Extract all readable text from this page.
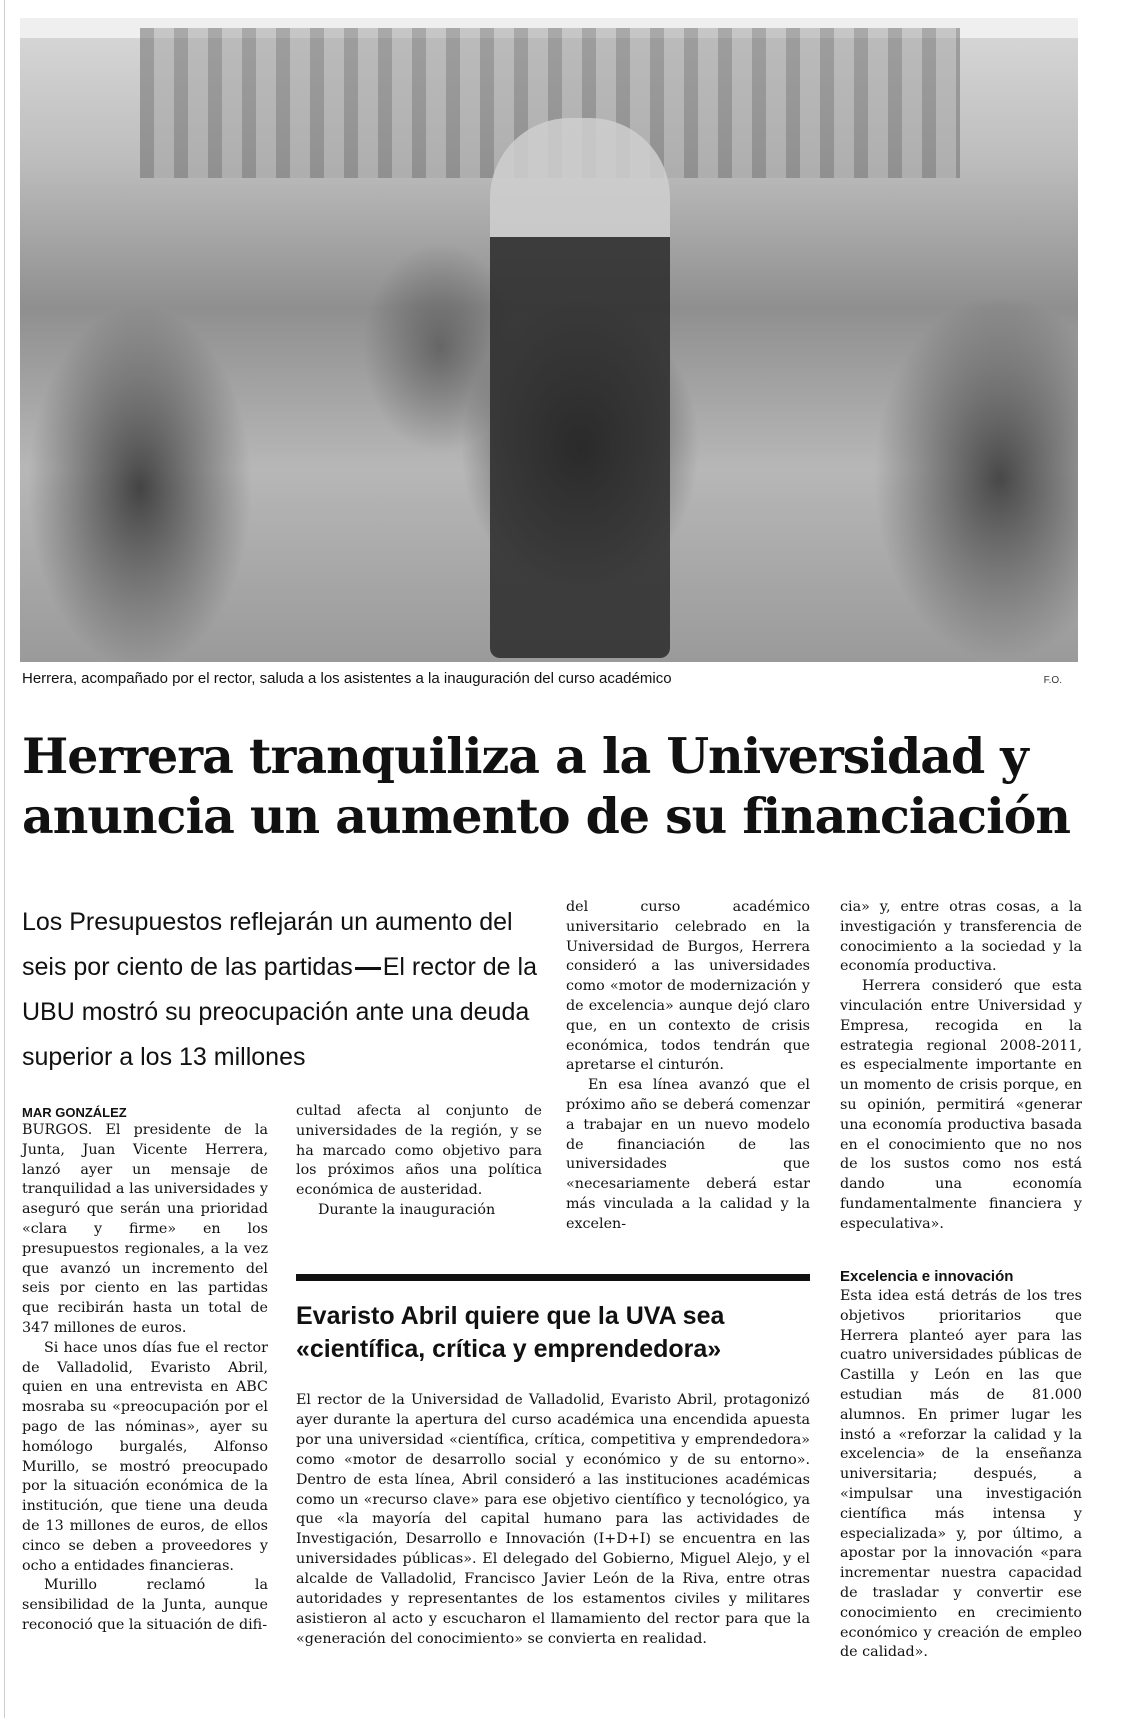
Herrera, acompañado por el rector, saluda a los asistentes a la inauguración del curso académico	F.O.
Herrera tranquiliza a la Universidad y
anuncia un aumento de su financiación

Los Presupuestos reflejarán un aumento del seis por ciento de las partidas El rector de la UBU mostró su preocupación ante una deuda superior a los 13 millones

MAR GONZÁLEZ

BURGOS. El presidente de la Junta, Juan Vicente Herrera, lanzó ayer un mensaje de tranquilidad a las universidades y aseguró que serán una prioridad «clara y firme» en los presupuestos regionales, a la vez que avanzó un incremento del seis por ciento en las partidas que recibirán hasta un total de 347 millones de euros.

Si hace unos días fue el rector de Valladolid, Evaristo Abril, quien en una entrevista en ABC mosraba su «preocupación por el pago de las nóminas», ayer su homólogo burgalés, Alfonso Murillo, se mostró preocupado por la situación económica de la institución, que tiene una deuda de 13 millones de euros, de ellos cinco se deben a proveedores y ocho a entidades financieras.

Murillo reclamó la sensibilidad de la Junta, aunque reconoció que la situación de difi-

cultad afecta al conjunto de universidades de la región, y se ha marcado como objetivo para los próximos años una política económica de austeridad.

Durante la inauguración

del curso académico universitario celebrado en la Universidad de Burgos, Herrera consideró a las universidades como «motor de modernización y de excelencia» aunque dejó claro que, en un contexto de crisis económica, todos tendrán que apretarse el cinturón.

En esa línea avanzó que el próximo año se deberá comenzar a trabajar en un nuevo modelo de financiación de las universidades que «necesariamente deberá estar más vinculada a la calidad y la excelen-

cia» y, entre otras cosas, a la investigación y transferencia de conocimiento a la sociedad y la economía productiva.

Herrera consideró que esta vinculación entre Universidad y Empresa, recogida en la estrategia regional 2008-2011, es especialmente importante en un momento de crisis porque, en su opinión, permitirá «generar una economía productiva basada en el conocimiento que no nos de los sustos como nos está dando una economía fundamentalmente financiera y especulativa».

Evaristo Abril quiere que la UVA sea
«científica, crítica y emprendedora»

El rector de la Universidad de Valladolid, Evaristo Abril, protagonizó ayer durante la apertura del curso académica una encendida apuesta por una universidad «científica, crítica, competitiva y emprendedora» como «motor de desarrollo social y económico y de su entorno». Dentro de esta línea, Abril consideró a las instituciones académicas como un «recurso clave» para ese objetivo científico y tecnológico, ya que «la mayoría del capital humano para las actividades de Investigación, Desarrollo e Innovación (I+D+I) se encuentra en las universidades públicas». El delegado del Gobierno, Miguel Alejo, y el alcalde de Valladolid, Francisco Javier León de la Riva, entre otras autoridades y representantes de los estamentos civiles y militares asistieron al acto y escucharon el llamamiento del rector para que la «generación del conocimiento» se convierta en realidad.

Excelencia e innovación

Esta idea está detrás de los tres objetivos prioritarios que Herrera planteó ayer para las cuatro universidades públicas de Castilla y León en las que estudian más de 81.000 alumnos. En primer lugar les instó a «reforzar la calidad y la excelencia» de la enseñanza universitaria; después, a «impulsar una investigación científica más intensa y especializada» y, por último, a apostar por la innovación «para incrementar nuestra capacidad de trasladar y convertir ese conocimiento en crecimiento económico y creación de empleo de calidad».
